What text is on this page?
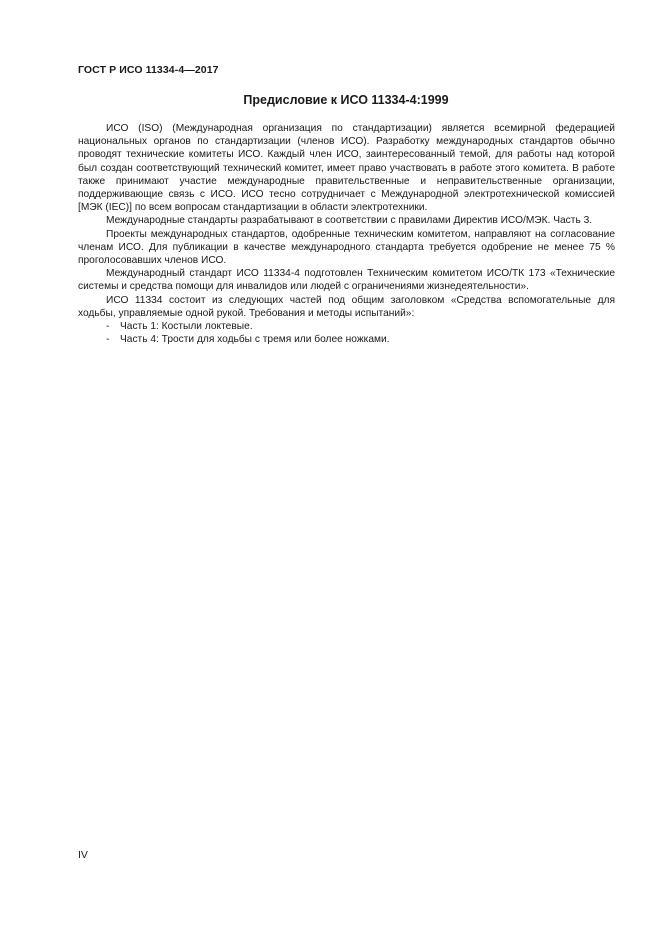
ГОСТ Р ИСО 11334-4—2017
Предисловие к ИСО 11334-4:1999

ИСО (ISO) (Международная организация по стандартизации) является всемирной федерацией национальных органов по стандартизации (членов ИСО). Разработку международных стандартов обычно проводят технические комитеты ИСО. Каждый член ИСО, заинтересованный темой, для работы над которой был создан соответствующий технический комитет, имеет право участвовать в работе этого комитета. В работе также принимают участие международные правительственные и неправительственные организации, поддерживающие связь с ИСО. ИСО тесно сотрудничает с Международной электротехнической комиссией [МЭК (IEC)] по всем вопросам стандартизации в области электротехники.

Международные стандарты разрабатывают в соответствии с правилами Директив ИСО/МЭК. Часть 3.

Проекты международных стандартов, одобренные техническим комитетом, направляют на согласование членам ИСО. Для публикации в качестве международного стандарта требуется одобрение не менее 75 % проголосовавших членов ИСО.

Международный стандарт ИСО 11334-4 подготовлен Техническим комитетом ИСО/ТК 173 «Технические системы и средства помощи для инвалидов или людей с ограничениями жизнедеятельности».

ИСО 11334 состоит из следующих частей под общим заголовком «Средства вспомогательные для ходьбы, управляемые одной рукой. Требования и методы испытаний»:

- Часть 1: Костыли локтевые.

- Часть 4: Трости для ходьбы с тремя или более ножками.

IV
